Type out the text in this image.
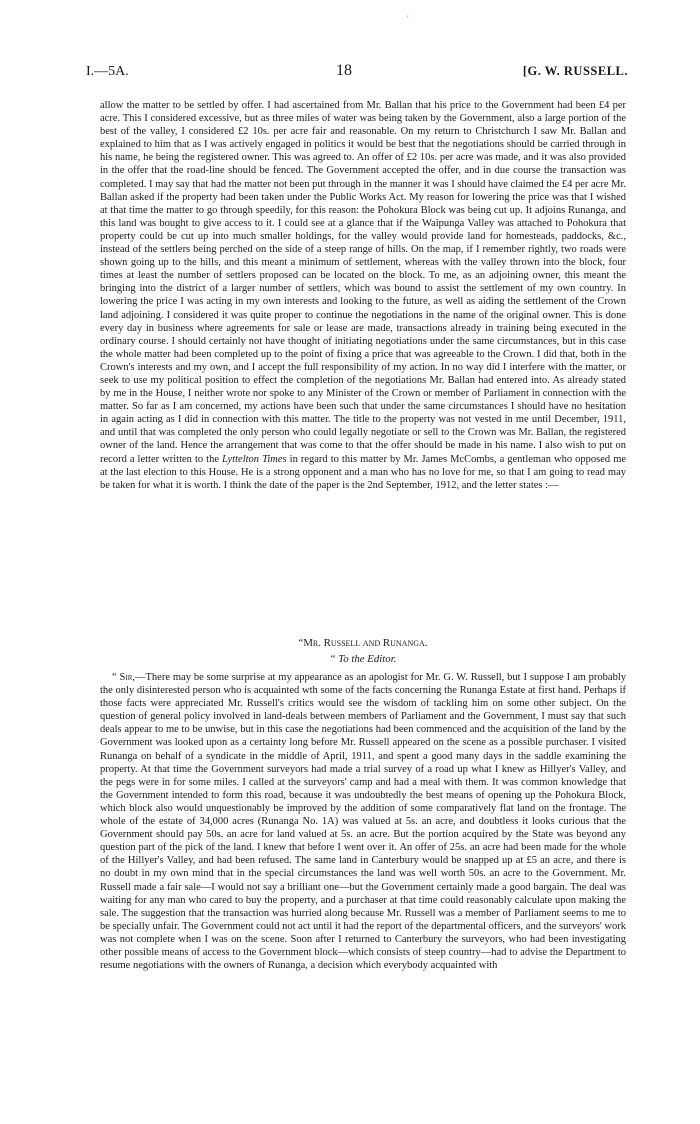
'
I.—5A.	18	[G. W. RUSSELL.

allow the matter to be settled by offer. I had ascertained from Mr. Ballan that his price to the Government had been £4 per acre. This I considered excessive, but as three miles of water was being taken by the Government, also a large portion of the best of the valley, I considered £2 10s. per acre fair and reasonable. On my return to Christchurch I saw Mr. Ballan and explained to him that as I was actively engaged in politics it would be best that the negotiations should be carried through in his name, he being the registered owner. This was agreed to. An offer of £2 10s. per acre was made, and it was also provided in the offer that the road-line should be fenced. The Government accepted the offer, and in due course the transaction was completed. I may say that had the matter not been put through in the manner it was I should have claimed the £4 per acre Mr. Ballan asked if the property had been taken under the Public Works Act. My reason for lowering the price was that I wished at that time the matter to go through speedily, for this reason: the Pohokura Block was being cut up. It adjoins Runanga, and this land was bought to give access to it. I could see at a glance that if the Waipunga Valley was attached to Pohokura that property could be cut up into much smaller holdings, for the valley would provide land for homesteads, paddocks, &c., instead of the settlers being perched on the side of a steep range of hills. On the map, if I remember rightly, two roads were shown going up to the hills, and this meant a minimum of settlement, whereas with the valley thrown into the block, four times at least the number of settlers proposed can be located on the block. To me, as an adjoining owner, this meant the bringing into the district of a larger number of settlers, which was bound to assist the settlement of my own country. In lowering the price I was acting in my own interests and looking to the future, as well as aiding the settlement of the Crown land adjoining. I considered it was quite proper to continue the negotiations in the name of the original owner. This is done every day in business where agreements for sale or lease are made, transactions already in training being executed in the ordinary course. I should certainly not have thought of initiating negotiations under the same circumstances, but in this case the whole matter had been completed up to the point of fixing a price that was agreeable to the Crown. I did that, both in the Crown's interests and my own, and I accept the full responsibility of my action. In no way did I interfere with the matter, or seek to use my political position to effect the completion of the negotiations Mr. Ballan had entered into. As already stated by me in the House, I neither wrote nor spoke to any Minister of the Crown or member of Parliament in connection with the matter. So far as I am concerned, my actions have been such that under the same circumstances I should have no hesitation in again acting as I did in connection with this matter. The title to the property was not vested in me until December, 1911, and until that was completed the only person who could legally negotiate or sell to the Crown was Mr. Ballan, the registered owner of the land. Hence the arrangement that was come to that the offer should be made in his name. I also wish to put on record a letter written to the Lyttelton Times in regard to this matter by Mr. James McCombs, a gentleman who opposed me at the last election to this House. He is a strong opponent and a man who has no love for me, so that I am going to read may be taken for what it is worth. I think the date of the paper is the 2nd September, 1912, and the letter states :—

“Mr. Russell and Runanga.
“ To the Editor.

“ Sir,—There may be some surprise at my appearance as an apologist for Mr. G. W. Russell, but I suppose I am probably the only disinterested person who is acquainted wth some of the facts concerning the Runanga Estate at first hand. Perhaps if those facts were appreciated Mr. Russell's critics would see the wisdom of tackling him on some other subject. On the question of general policy involved in land-deals between members of Parliament and the Government, I must say that such deals appear to me to be unwise, but in this case the negotiations had been commenced and the acquisition of the land by the Government was looked upon as a certainty long before Mr. Russell appeared on the scene as a possible purchaser. I visited Runanga on behalf of a syndicate in the middle of April, 1911, and spent a good many days in the saddle examining the property. At that time the Government surveyors had made a trial survey of a road up what I knew as Hillyer's Valley, and the pegs were in for some miles. I called at the surveyors' camp and had a meal with them. It was common knowledge that the Government intended to form this road, because it was undoubtedly the best means of opening up the Pohokura Block, which block also would unquestionably be improved by the addition of some comparatively flat land on the frontage. The whole of the estate of 34,000 acres (Runanga No. 1A) was valued at 5s. an acre, and doubtless it looks curious that the Government should pay 50s. an acre for land valued at 5s. an acre. But the portion acquired by the State was beyond any question part of the pick of the land. I knew that before I went over it. An offer of 25s. an acre had been made for the whole of the Hillyer's Valley, and had been refused. The same land in Canterbury would be snapped up at £5 an acre, and there is no doubt in my own mind that in the special circumstances the land was well worth 50s. an acre to the Government. Mr. Russell made a fair sale—I would not say a brilliant one—but the Government certainly made a good bargain. The deal was waiting for any man who cared to buy the property, and a purchaser at that time could reasonably calculate upon making the sale. The suggestion that the transaction was hurried along because Mr. Russell was a member of Parliament seems to me to be specially unfair. The Government could not act until it had the report of the departmental officers, and the surveyors' work was not complete when I was on the scene. Soon after I returned to Canterbury the surveyors, who had been investigating other possible means of access to the Government block—which consists of steep country—had to advise the Department to resume negotiations with the owners of Runanga, a decision which everybody acquainted with
